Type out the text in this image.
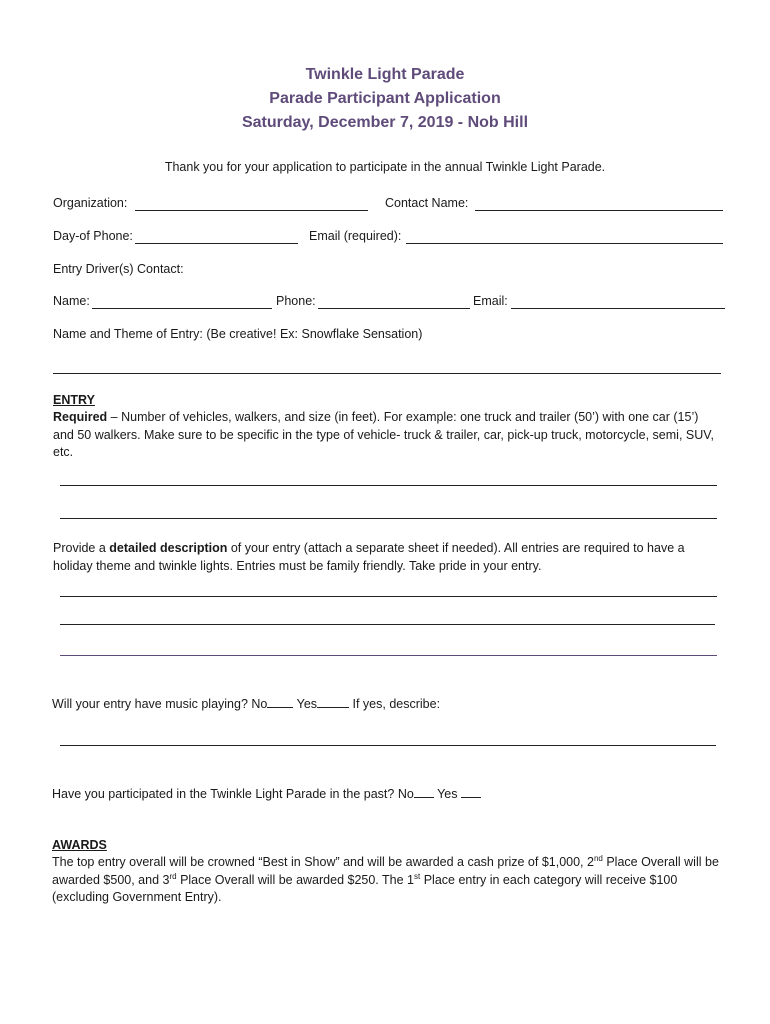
Twinkle Light Parade
Parade Participant Application
Saturday, December 7, 2019 - Nob Hill
Thank you for your application to participate in the annual Twinkle Light Parade.
Organization:	Contact Name:
Day-of Phone:	Email (required):
Entry Driver(s) Contact:
Name:	Phone:	Email:
Name and Theme of Entry: (Be creative! Ex: Snowflake Sensation)
ENTRY
Required – Number of vehicles, walkers, and size (in feet). For example: one truck and trailer (50’) with one car (15’) and 50 walkers. Make sure to be specific in the type of vehicle- truck & trailer, car, pick-up truck, motorcycle, semi, SUV, etc.
Provide a detailed description of your entry (attach a separate sheet if needed). All entries are required to have a holiday theme and twinkle lights. Entries must be family friendly. Take pride in your entry.
Will your entry have music playing? No Yes	If yes, describe:
Have you participated in the Twinkle Light Parade in the past? No Yes
AWARDS
The top entry overall will be crowned “Best in Show” and will be awarded a cash prize of $1,000, 2nd Place Overall will be awarded $500, and 3rd Place Overall will be awarded $250. The 1st Place entry in each category will receive $100 (excluding Government Entry).
